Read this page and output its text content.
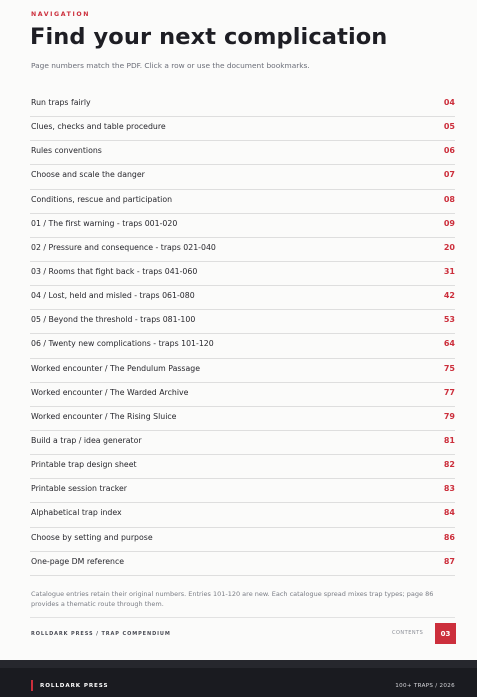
NAVIGATION
Find your next complication

Page numbers match the PDF. Click a row or use the document bookmarks.

Run traps fairly	04
Clues, checks and table procedure	05
Rules conventions	06
Choose and scale the danger	07
Conditions, rescue and participation	08
01 / The first warning - traps 001-020	09
02 / Pressure and consequence - traps 021-040	20
03 / Rooms that fight back - traps 041-060	31
04 / Lost, held and misled - traps 061-080	42
05 / Beyond the threshold - traps 081-100	53
06 / Twenty new complications - traps 101-120	64
Worked encounter / The Pendulum Passage	75
Worked encounter / The Warded Archive	77
Worked encounter / The Rising Sluice	79
Build a trap / idea generator	81
Printable trap design sheet	82
Printable session tracker	83
Alphabetical trap index	84
Choose by setting and purpose	86
One-page DM reference	87

Catalogue entries retain their original numbers. Entries 101-120 are new. Each catalogue spread mixes trap types; page 86 provides a thematic route through them.

ROLLDARK PRESS / TRAP COMPENDIUM	CONTENTS	03
ROLLDARK PRESS	100+ TRAPS / 2026
